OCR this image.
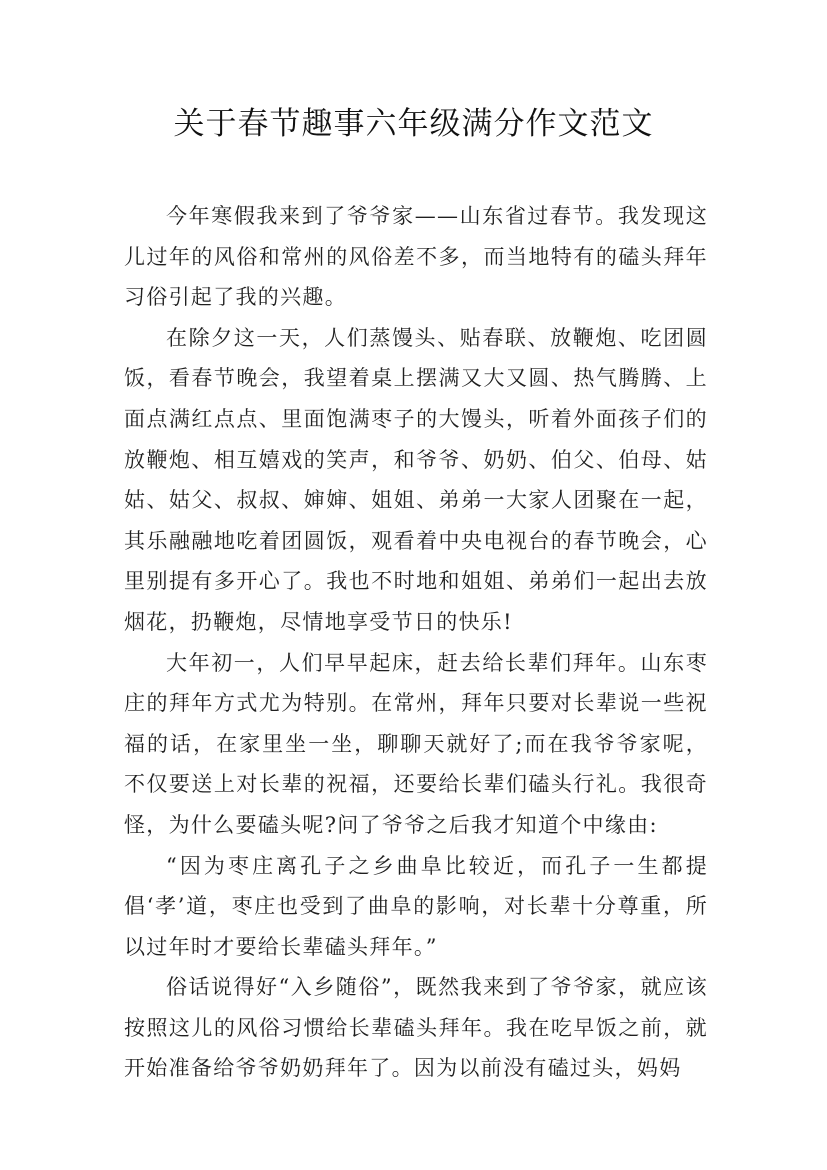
关于春节趣事六年级满分作文范文

今年寒假我来到了爷爷家——山东省过春节。我发现这儿过年的风俗和常州的风俗差不多，而当地特有的磕头拜年习俗引起了我的兴趣。

在除夕这一天，人们蒸馒头、贴春联、放鞭炮、吃团圆饭，看春节晚会，我望着桌上摆满又大又圆、热气腾腾、上面点满红点点、里面饱满枣子的大馒头，听着外面孩子们的放鞭炮、相互嬉戏的笑声，和爷爷、奶奶、伯父、伯母、姑姑、姑父、叔叔、婶婶、姐姐、弟弟一大家人团聚在一起，其乐融融地吃着团圆饭，观看着中央电视台的春节晚会，心里别提有多开心了。我也不时地和姐姐、弟弟们一起出去放烟花，扔鞭炮，尽情地享受节日的快乐!

大年初一，人们早早起床，赶去给长辈们拜年。山东枣庄的拜年方式尤为特别。在常州，拜年只要对长辈说一些祝福的话，在家里坐一坐，聊聊天就好了;而在我爷爷家呢，不仅要送上对长辈的祝福，还要给长辈们磕头行礼。我很奇怪，为什么要磕头呢?问了爷爷之后我才知道个中缘由:

“因为枣庄离孔子之乡曲阜比较近，而孔子一生都提倡‘孝’道，枣庄也受到了曲阜的影响，对长辈十分尊重，所以过年时才要给长辈磕头拜年。”

俗话说得好“入乡随俗”，既然我来到了爷爷家，就应该按照这儿的风俗习惯给长辈磕头拜年。我在吃早饭之前，就开始准备给爷爷奶奶拜年了。因为以前没有磕过头，妈妈
